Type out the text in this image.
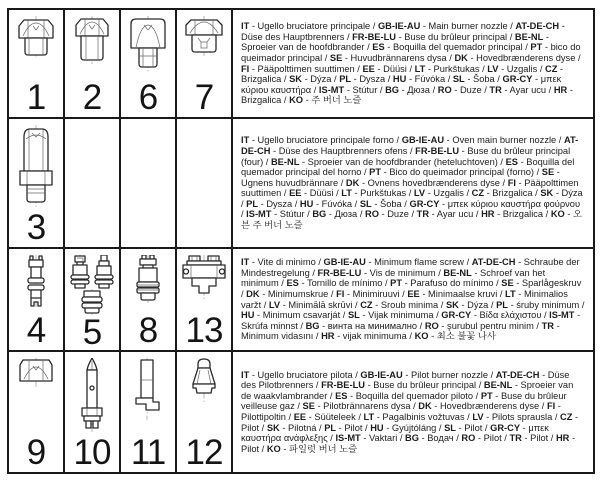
1 2 6 7
IT - Ugello bruciatore principale / GB-IE-AU - Main burner nozzle / AT-DE-CH - Düse des Hauptbrenners / FR-BE-LU - Buse du brûleur principal / BE-NL - Sproeier van de hoofdbrander / ES - Boquilla del quemador principal / PT - bico do queimador principal / SE - Huvudbrännarens dysa / DK - Hovedbrænderens dyse / FI - Pääpolttimen suuttimen / EE - Düüsi / LT - Purkštukas / LV - Uzgalis / CZ - Brizgalica / SK - Dýza / PL - Dysza / HU - Fúvóka / SL - Šoba / GR-CY - μπεκ κύριου καυστήρα / IS-MT - Stútur / BG - Дюза / RO - Duze / TR - Ayar ucu / HR - Brizgalica / KO - 주 버너 노즐
3
IT - Ugello bruciatore principale forno / GB-IE-AU - Oven main burner nozzle / AT-DE-CH - Düse des Hauptbrenners ofens / FR-BE-LU - Buse du brûleur principal (four) / BE-NL - Sproeier van de hoofdbrander (heteluchtoven) / ES - Boquilla del quemador principal del horno / PT - Bico do queimador principal (forno) / SE - Ugnens huvudbrännare / DK - Ovnens hovedbrænderens dyse / FI - Pääpolttimen suuttimen / EE - Düüsi / LT - Purkštukas / LV - Uzgalis / CZ - Brizgalica / SK - Dýza / PL - Dysza / HU - Fúvóka / SL - Šoba / GR-CY - μπεκ κύριου καυστήρα φούρνου / IS-MT - Stútur / BG - Дюза / RO - Duze / TR - Ayar ucu / HR - Brizgalica / KO - 오븐 주 버너 노즐
4 5 8 13
IT - Vite di minimo / GB-IE-AU - Minimum flame screw / AT-DE-CH - Schraube der Mindestregelung / FR-BE-LU - Vis de minimum / BE-NL - Schroef van het minimum / ES - Tornillo de mínimo / PT - Parafuso do mínimo / SE - Sparlågeskruv / DK - Minimumskrue / FI - Minimiruuvi / EE - Minimaalse kruvi / LT - Minimalios varžt / LV - Minimālā skrūvi / CZ - Sroub minima / SK - Dýza / PL - śruby minimum / HU - Minimum csavarját / SL - Vijak minimuma / GR-CY - Βίδα ελάχιστου / IS-MT - Skrúfa minnst / BG - винта на минимално / RO - şurubul pentru minim / TR - Minimum vidasını / HR - vijak minimuma / KO - 최소 불꽃 나사
9 10 11 12
IT - Ugello bruciatore pilota / GB-IE-AU - Pilot burner nozzle / AT-DE-CH - Düse des Pilotbrenners / FR-BE-LU - Buse du brûleur principal / BE-NL - Sproeier van de waakvlambrander / ES - Boquilla del quemador piloto / PT - Buse du brûleur veilleuse gaz / SE - Pilotbrännarens dysa / DK - Hovedbrænderens dyse / FI - Pilottipoltin / EE - Süüteleek / LT - Pagalbinis vožtuvas / LV - Pilots sprausla / CZ - Pilot / SK - Pilotná / PL - Pilot / HU - Gyújtóláng / SL - Pilot / GR-CY - μπεκ καυστήρα ανάφλεξης / IS-MT - Vaktari / BG - Водач / RO - Pilot / TR - Pilot / HR - Pilot / KO - 파일럿 버너 노즐
